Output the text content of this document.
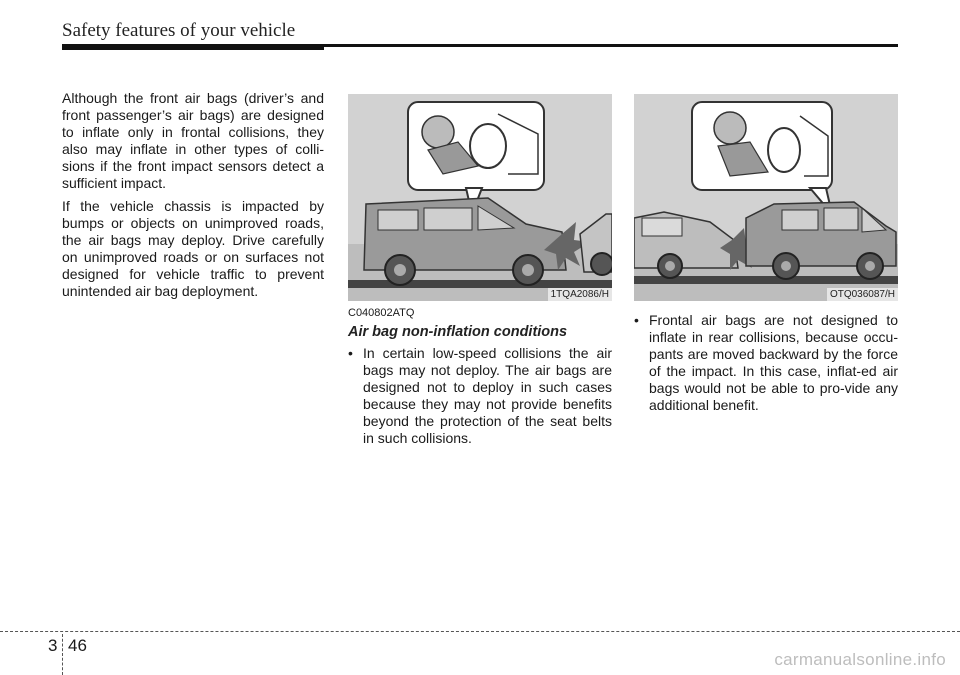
Safety features of your vehicle

Although the front air bags (driver’s and front passenger’s air bags) are designed to inflate only in frontal collisions, they also may inflate in other types of colli-sions if the front impact sensors detect a sufficient impact.

If the vehicle chassis is impacted by bumps or objects on unimproved roads, the air bags may deploy. Drive carefully on unimproved roads or on surfaces not designed for vehicle traffic to prevent unintended air bag deployment.	1TQA2086/H	OTQ036087/H
C040802ATQ
Air bag non-inflation conditions
• In certain low-speed collisions the air bags may not deploy. The air bags are designed not to deploy in such cases because they may not provide benefits beyond the protection of the seat belts in such collisions.
• Frontal air bags are not designed to inflate in rear collisions, because occu-pants are moved backward by the force of the impact. In this case, inflat-ed air bags would not be able to pro-vide any additional benefit.
3 46
carmanualsonline.info
